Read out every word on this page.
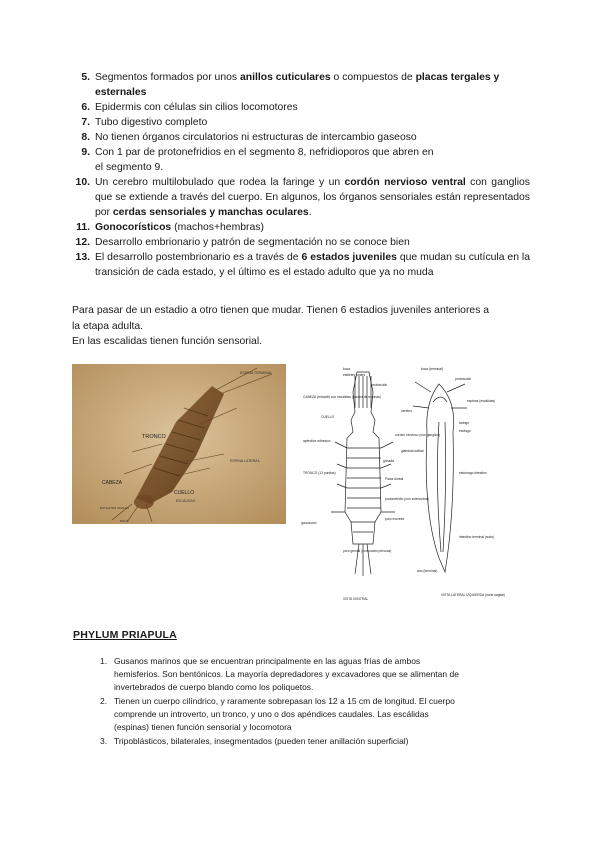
5. Segmentos formados por unos anillos cuticulares o compuestos de placas tergales y esternales
6. Epidermis con células sin cilios locomotores
7. Tubo digestivo completo
8. No tienen órganos circulatorios ni estructuras de intercambio gaseoso
9. Con 1 par de protonefridios en el segmento 8, nefridioporos que abren en
el segmento 9.
10. Un cerebro multilobulado que rodea la faringe y un cordón nervioso ventral con ganglios que se extiende a través del cuerpo. En algunos, los órganos sensoriales están representados por cerdas sensoriales y manchas oculares.
11. Gonocorísticos (machos+hembras)
12. Desarrollo embrionario y patrón de segmentación no se conoce bien
13. El desarrollo postembrionario es a través de 6 estados juveniles que mudan su cutícula en la transición de cada estado, y el último es el estado adulto que ya no muda
Para pasar de un estadio a otro tienen que mudar. Tienen 6 estadios juveniles anteriores a
la etapa adulta.
En las escalidas tienen función sensorial.
ESPINA TERMINAL
TRONCO
ESPINA LATERAL
CABEZA
CUELLO
ESCÁLIDAS
ESTILETES ORALES
BOCA
boca
estiletes orales
probóscide
CABEZA (retráctil) con escálidas (corona de espinas)
CUELLO
apéndice adhesivo
TRONCO (13 ponitas)
gónada
Placa dorsal
protonefridio (con solenocitos)
poro excretor
gonoducto
poro genital (con cuatro pérocas)
VISTA VENTRAL
boca (terminal)
probóscide
espinas (escálidas)
cerebro
faringe
esófago
cordón nervioso (con ganglios)
glándula salival
estómago-intestino
intestino terminal (recto)
ano (terminal)
VISTA LATERAL IZQUIERDA (corte sagital)
PHYLUM PRIAPULA
1. Gusanos marinos que se encuentran principalmente en las aguas frías de ambos
hemisferios. Son bentónicos. La mayoría depredadores y excavadores que se alimentan de
invertebrados de cuerpo blando como los poliquetos.
2. Tienen un cuerpo cilíndrico, y raramente sobrepasan los 12 a 15 cm de longitud. El cuerpo
comprende un introverto, un tronco, y uno o dos apéndices caudales. Las escálidas
(espinas) tienen función sensorial y locomotora
3. Tripoblásticos, bilaterales, insegmentados (pueden tener anillación superficial)
